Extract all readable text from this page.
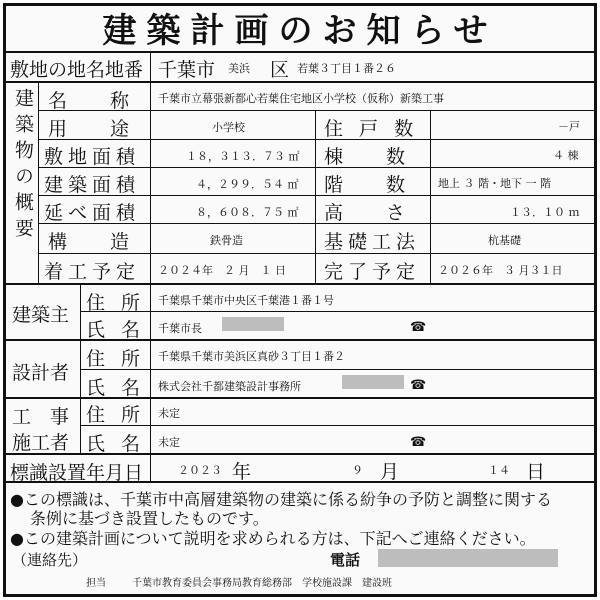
建築計画のお知らせ
敷地の地名地番 千葉市 美浜 区 若葉３丁目１番２６
建築物の概要 名　称 千葉市立幕張新都心若葉住宅地区小学校（仮称）新築工事
用　途	小学校	住 戸 数	－戸
敷地面積	１８，３１３．７３ ㎡ 棟　数	４ 棟
建築面積	４，２９９．５４ ㎡ 階　数 地上 ３ 階・地下 一 階
延べ面積	８，６０８．７５ ㎡ 高　さ	１３．１０ ｍ
構　造	鉄骨造	基礎工法	杭基礎
着工予定 ２０２４年　２ 月　１ 日 完了予定 ２０２６年　３ 月３１日
建築主
住 所 千葉県千葉市中央区千葉港１番１号
氏 名 千葉市長	☎
設計者
住 所 千葉県千葉市美浜区真砂３丁目１番２
氏 名 株式会社千都建築設計事務所	☎
工　事
施工者
住 所 未定
氏 名 未定	☎
標識設置年月日	２０２３ 年	９ 月	１４ 日
●この標識は、千葉市中高層建築物の建築に係る紛争の予防と調整に関する
条例に基づき設置したものです。
●この建築計画について説明を求められる方は、下記へご連絡ください。
（連絡先）	電話
担当	千葉市教育委員会事務局教育総務部　学校施設課　建設班
